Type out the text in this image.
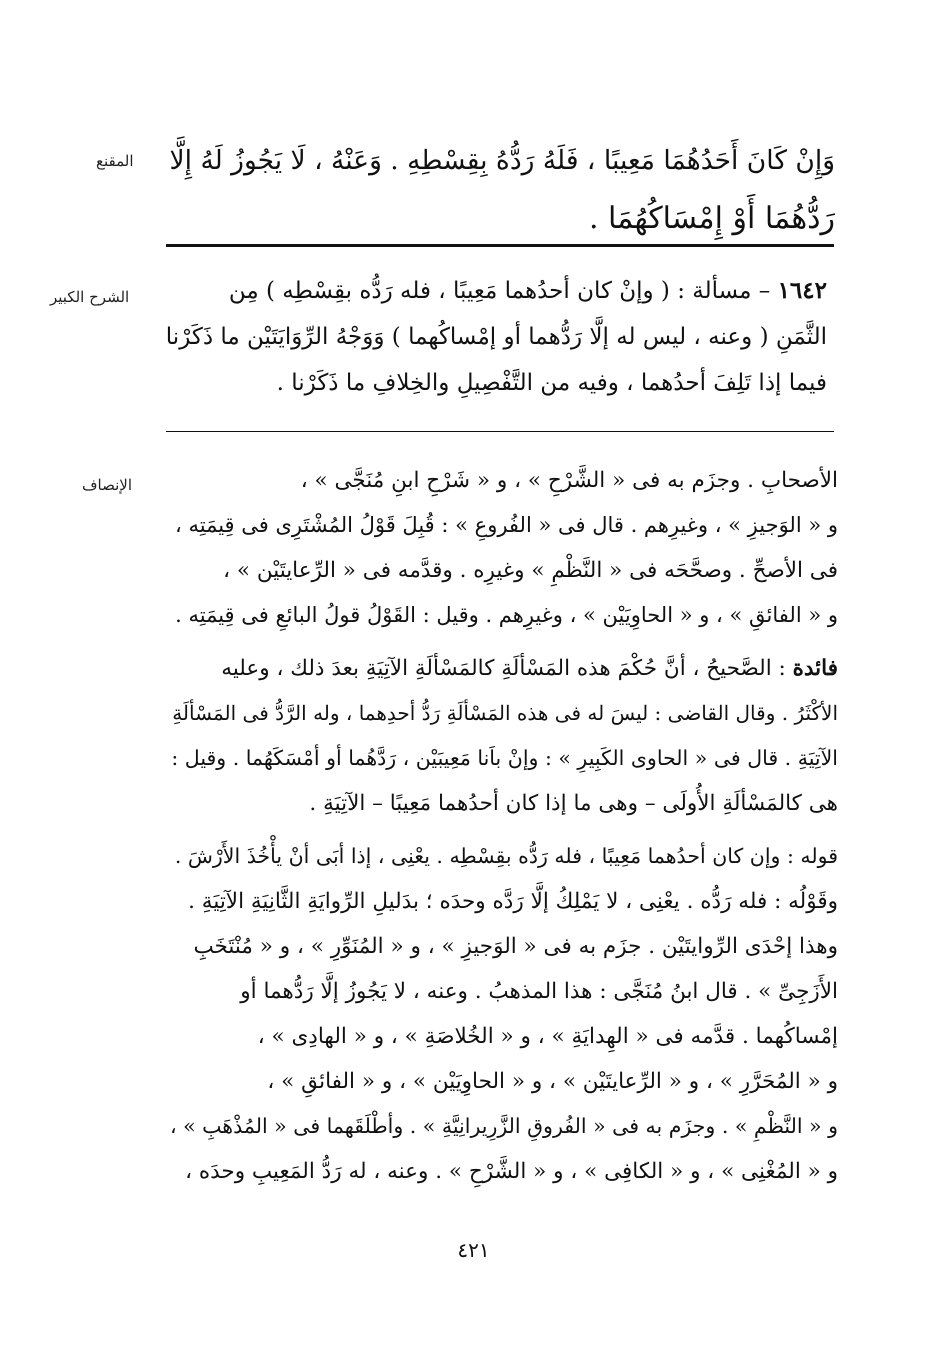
المقنع
الشرح الكبير
الإنصاف
وَإِنْ كَانَ أَحَدُهُمَا مَعِيبًا ، فَلَهُ رَدُّهُ بِقِسْطِهِ . وَعَنْهُ ، لَا يَجُوزُ لَهُ إِلَّا
رَدُّهُمَا أَوْ إِمْسَاكُهُمَا .
١٦٤٢ – مسألة : ( وإنْ كان أحدُهما مَعِيبًا ، فله رَدُّه بقِسْطِه ) مِن
الثَّمَنِ ( وعنه ، ليس له إلَّا رَدُّهما أو إمْساكُهما ) وَوَجْهُ الرِّوَايَتَيْن ما ذَكَرْنا
فيما إذا تَلِفَ أحدُهما ، وفيه من التَّفْصِيلِ والخِلافِ ما ذَكَرْنا .
الأصحابِ . وجزَم به فى « الشَّرْحِ » ، و « شَرْحِ ابنِ مُنَجَّى » ،
و « الوَجيزِ » ، وغيرِهم . قال فى « الفُروعِ » : قُبِلَ قَوْلُ المُشْتَرِى فى قِيمَتِه ،
فى الأصحِّ . وصحَّحَه فى « النَّظْمِ » وغيرِه . وقدَّمه فى « الرِّعايتَيْن » ،
و « الفائقِ » ، و « الحاوِيَيْن » ، وغيرِهم . وقيل : القَوْلُ قولُ البائعِ فى قِيمَتِه .
فائدة : الصَّحيحُ ، أنَّ حُكْمَ هذه المَسْألَةِ كالمَسْألَةِ الآتِيَةِ بعدَ ذلك ، وعليه
الأكْثَرُ . وقال القاضى : ليسَ له فى هذه المَسْألَةِ رَدُّ أحدِهما ، وله الرَّدُّ فى المَسْألَةِ
الآتِيَةِ . قال فى « الحاوى الكَبِيرِ » : وإنْ باَنا مَعِيبَيْن ، رَدَّهُما أو أمْسَكَهُما . وقيل :
هى كالمَسْألَةِ الأُولَى – وهى ما إذا كان أحدُهما مَعِيبًا – الآتِيَةِ .
قوله : وإن كان أحدُهما مَعِيبًا ، فله رَدُّه بقِسْطِه . يعْنِى ، إذا أبَى أنْ يأْخُذَ الأَرْشَ .
وقَوْلُه : فله رَدُّه . يعْنِى ، لا يَمْلِكُ إلَّا رَدَّه وحدَه ؛ بدَليلِ الرِّوايَةِ الثَّانِيَةِ الآتِيَةِ .
وهذا إحْدَى الرِّوايتَيْن . جزَم به فى « الوَجيزِ » ، و « المُنَوِّرِ » ، و « مُنْتَخَبِ
الأَزَجِىِّ » . قال ابنُ مُنَجَّى : هذا المذهبُ . وعنه ، لا يَجُوزُ إلَّا رَدُّهما أو
إمْساكُهما . قدَّمه فى « الهِدايَةِ » ، و « الخُلاصَةِ » ، و « الهادِى » ،
و « المُحَرَّرِ » ، و « الرِّعايتَيْن » ، و « الحاوِيَيْن » ، و « الفائقِ » ،
و « النَّظْمِ » . وجزَم به فى « الفُروقِ الزَّرِيرانِيَّةِ » . وأطْلَقَهما فى « المُذْهَبِ » ،
و « المُغْنِى » ، و « الكافِى » ، و « الشَّرْحِ » . وعنه ، له رَدُّ المَعِيبِ وحدَه ،
٤٢١
